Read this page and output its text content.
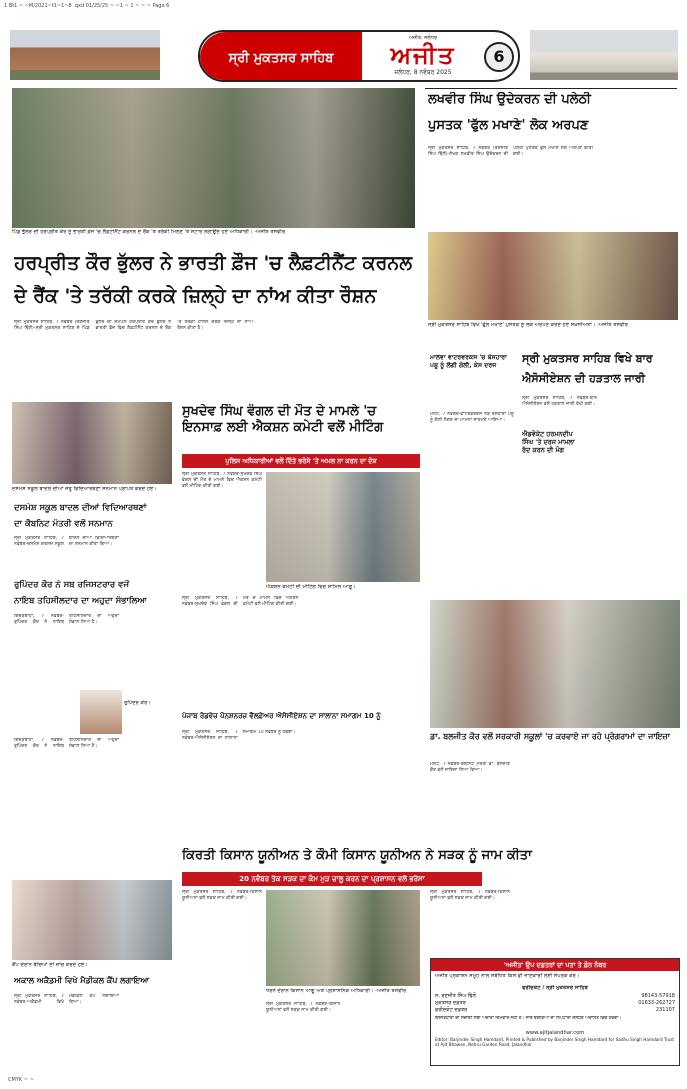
1 Bt1 ~ ~M/2021~t1~1~8 .qxd 01/25/25 ~ ~1 ~ 1 ~ ~ ~ Page 6
ਸ੍ਰੀ ਮੁਕਤਸਰ ਸਾਹਿਬ
ਅਜੀਤ, ਜਲੰਧਰ
ਅਜੀਤ
ਜਲੰਧਰ, 8 ਨਵੰਬਰ 2025
6
ਪਿੰਡ ਭੁੱਲਰ ਦੀ ਹਰਪ੍ਰੀਤ ਕੌਰ ਨੂੰ ਭਾਰਤੀ ਫ਼ੌਜ 'ਚ ਲੈਫ਼ਟੀਨੈਂਟ ਕਰਨਲ ਦੇ ਰੈਂਕ 'ਤੇ ਤਰੱਕੀ ਮਿਲਣ 'ਤੇ ਸਟਾਰ ਲਗਾਉਂਦੇ ਹੋਏ ਅਧਿਕਾਰੀ। -ਅਜੀਤ ਤਸਵੀਰ
ਹਰਪ੍ਰੀਤ ਕੌਰ ਭੁੱਲਰ ਨੇ ਭਾਰਤੀ ਫ਼ੌਜ 'ਚ ਲੈਫ਼ਟੀਨੈਂਟ ਕਰਨਲ
ਦੇ ਰੈਂਕ 'ਤੇ ਤਰੱਕੀ ਕਰਕੇ ਜ਼ਿਲ੍ਹੇ ਦਾ ਨਾਂਅ ਕੀਤਾ ਰੌਸ਼ਨ
ਸ੍ਰੀ ਮੁਕਤਸਰ ਸਾਹਿਬ, 7 ਨਵੰਬਰ (ਰਣਜੀਤ ਸਿੰਘ ਢਿੱਲੋਂ)-ਸ੍ਰੀ ਮੁਕਤਸਰ ਸਾਹਿਬ ਦੇ ਪਿੰਡ ਭੁੱਲਰ ਦੀ ਜੰਮਪਲ ਹਰਪ੍ਰੀਤ ਕੌਰ ਭੁੱਲਰ ਨੇ ਭਾਰਤੀ ਫ਼ੌਜ ਵਿਚ ਲੈਫ਼ਟੀਨੈਂਟ ਕਰਨਲ ਦੇ ਰੈਂਕ 'ਤੇ ਤਰੱਕੀ ਹਾਸਲ ਕਰਕੇ ਜ਼ਿਲ੍ਹੇ ਦਾ ਨਾਂਅ ਰੌਸ਼ਨ ਕੀਤਾ ਹੈ।
ਲਖਵੀਰ ਸਿੰਘ ਉਦੇਕਰਨ ਦੀ ਪਲੇਠੀ
ਪੁਸਤਕ 'ਫੁੱਲ ਮਖਾਣੇ' ਲੋਕ ਅਰਪਣ
ਸ੍ਰੀ ਮੁਕਤਸਰ ਸਾਹਿਬ, 7 ਨਵੰਬਰ (ਰਣਜੀਤ ਸਿੰਘ ਢਿੱਲੋਂ)-ਲੇਖਕ ਲਖਵੀਰ ਸਿੰਘ ਉਦੇਕਰਨ ਦੀ ਪਲੇਠੀ ਪੁਸਤਕ ਫੁੱਲ ਮਖਾਣੇ ਲੋਕ ਅਰਪਣ ਕੀਤੀ ਗਈ।
ਸ੍ਰੀ ਮੁਕਤਸਰ ਸਾਹਿਬ ਵਿਖੇ 'ਫੁੱਲ ਮਖਾਣੇ' ਪੁਸਤਕ ਨੂੰ ਲੋਕ ਅਰਪਣ ਕਰਦੇ ਹੋਏ ਸ਼ਖ਼ਸੀਅਤਾਂ। -ਅਜੀਤ ਤਸਵੀਰ
ਦਸਮੇਸ਼ ਸਕੂਲ ਬਾਦਲ ਦੀਆਂ ਜੇਤੂ ਵਿਦਿਆਰਥਣਾਂ ਸਨਮਾਨ ਪ੍ਰਾਪਤ ਕਰਦੇ ਹੋਏ।
ਦਸਮੇਸ਼ ਸਕੂਲ ਬਾਦਲ ਦੀਆਂ ਵਿਦਿਆਰਥਣਾਂ
ਦਾ ਕੈਬਨਿਟ ਮੰਤਰੀ ਵਲੋਂ ਸਨਮਾਨ
ਸ੍ਰੀ ਮੁਕਤਸਰ ਸਾਹਿਬ, 7 ਨਵੰਬਰ-ਦਸਮੇਸ਼ ਗਰਲਜ਼ ਸਕੂਲ ਬਾਦਲ ਦੀਆਂ ਵਿਦਿਆਰਥਣਾਂ ਦਾ ਸਨਮਾਨ ਕੀਤਾ ਗਿਆ।
ਰੁਪਿੰਦਰ ਕੌਰ ਨੇ ਸਬ ਰਜਿਸਟਰਾਰ ਵਜੋਂ
ਨਾਇਬ ਤਹਿਸੀਲਦਾਰ ਦਾ ਅਹੁਦਾ ਸੰਭਾਲਿਆ
ਗਿੱਦੜਬਾਹਾ, 7 ਨਵੰਬਰ-ਰੁਪਿੰਦਰ ਕੌਰ ਨੇ ਨਾਇਬ ਤਹਿਸੀਲਦਾਰ ਦਾ ਅਹੁਦਾ ਸੰਭਾਲ ਲਿਆ ਹੈ।
ਰੁਪਿੰਦਰ ਕੌਰ।
ਗਿੱਦੜਬਾਹਾ, 7 ਨਵੰਬਰ-ਰੁਪਿੰਦਰ ਕੌਰ ਨੇ ਨਾਇਬ ਤਹਿਸੀਲਦਾਰ ਦਾ ਅਹੁਦਾ ਸੰਭਾਲ ਲਿਆ ਹੈ।
ਕੈਂਪ ਦੌਰਾਨ ਬੱਚਿਆਂ ਦੀ ਜਾਂਚ ਕਰਦੇ ਹੋਏ।
ਅਕਾਲ ਅਕੈਡਮੀ ਵਿਖੇ ਮੈਡੀਕਲ ਕੈਂਪ ਲਗਾਇਆ
ਸ੍ਰੀ ਮੁਕਤਸਰ ਸਾਹਿਬ, 7 ਨਵੰਬਰ-ਅਕੈਡਮੀ ਵਿਖੇ ਮੈਡੀਕਲ ਕੈਂਪ ਲਗਾਇਆ ਗਿਆ।
ਸੁਖਦੇਵ ਸਿੰਘ ਵੰਗਲ ਦੀ ਮੌਤ ਦੇ ਮਾਮਲੇ 'ਚ ਇਨਸਾਫ਼ ਲਈ ਐਕਸ਼ਨ ਕਮੇਟੀ ਵਲੋਂ ਮੀਟਿੰਗ
ਪੁਲਿਸ ਅਧਿਕਾਰੀਆਂ ਵਲੋਂ ਦਿੱਤੇ ਭਰੋਸੇ 'ਤੇ ਅਮਲ ਨਾ ਕਰਨ ਦਾ ਦੋਸ਼
ਸ੍ਰੀ ਮੁਕਤਸਰ ਸਾਹਿਬ, 7 ਨਵੰਬਰ-ਸੁਖਦੇਵ ਸਿੰਘ ਵੰਗਲ ਦੀ ਮੌਤ ਦੇ ਮਾਮਲੇ ਵਿਚ ਐਕਸ਼ਨ ਕਮੇਟੀ ਵਲੋਂ ਮੀਟਿੰਗ ਕੀਤੀ ਗਈ।
ਐਕਸ਼ਨ ਕਮੇਟੀ ਦੀ ਮੀਟਿੰਗ ਵਿਚ ਸ਼ਾਮਿਲ ਆਗੂ।
ਸ੍ਰੀ ਮੁਕਤਸਰ ਸਾਹਿਬ, 7 ਨਵੰਬਰ-ਸੁਖਦੇਵ ਸਿੰਘ ਵੰਗਲ ਦੀ ਮੌਤ ਦੇ ਮਾਮਲੇ ਵਿਚ ਐਕਸ਼ਨ ਕਮੇਟੀ ਵਲੋਂ ਮੀਟਿੰਗ ਕੀਤੀ ਗਈ।
ਮਾਲਵਾ ਵਾਟਰਵਰਕਸ 'ਚ ਬੇਸਹਾਰਾ ਪਸ਼ੂ ਨੂੰ ਲੱਗੀ ਗੋਲੀ, ਕੇਸ ਦਰਜ
ਮਲੋਟ, 7 ਨਵੰਬਰ-ਵਾਟਰਵਰਕਸ ਨੇੜੇ ਬੇਸਹਾਰਾ ਪਸ਼ੂ ਨੂੰ ਗੋਲੀ ਲੱਗਣ ਦਾ ਮਾਮਲਾ ਸਾਹਮਣੇ ਆਇਆ।
ਸ੍ਰੀ ਮੁਕਤਸਰ ਸਾਹਿਬ ਵਿਖੇ ਬਾਰ
ਐਸੋਸੀਏਸ਼ਨ ਦੀ ਹੜਤਾਲ ਜਾਰੀ
ਐਡਵੋਕੇਟ ਹਰਮਨਦੀਪ ਸਿੰਘ 'ਤੇ ਦਰਜ ਮਾਮਲਾ ਰੱਦ ਕਰਨ ਦੀ ਮੰਗ
ਸ੍ਰੀ ਮੁਕਤਸਰ ਸਾਹਿਬ, 7 ਨਵੰਬਰ-ਬਾਰ ਐਸੋਸੀਏਸ਼ਨ ਵਲੋਂ ਹੜਤਾਲ ਜਾਰੀ ਰੱਖੀ ਗਈ।
ਡਾ. ਬਲਜੀਤ ਕੌਰ ਵਲੋਂ ਸਰਕਾਰੀ ਸਕੂਲਾਂ 'ਚ ਕਰਵਾਏ ਜਾ ਰਹੇ ਪ੍ਰੋਗਰਾਮਾਂ ਦਾ ਜਾਇਜ਼ਾ
ਮਲੋਟ, 7 ਨਵੰਬਰ-ਕੈਬਨਿਟ ਮੰਤਰੀ ਡਾ. ਬਲਜੀਤ ਕੌਰ ਵਲੋਂ ਜਾਇਜ਼ਾ ਲਿਆ ਗਿਆ।
ਪੰਜਾਬ ਰੋਡਵੇਜ਼ ਪੈਨਸ਼ਨਰਜ਼ ਵੈਲਫ਼ੇਅਰ ਐਸੋਸੀਏਸ਼ਨ ਦਾ ਸਾਲਾਨਾ ਸਮਾਗਮ 10 ਨੂੰ
ਸ੍ਰੀ ਮੁਕਤਸਰ ਸਾਹਿਬ, 7 ਨਵੰਬਰ-ਐਸੋਸੀਏਸ਼ਨ ਦਾ ਸਾਲਾਨਾ ਸਮਾਗਮ 10 ਨਵੰਬਰ ਨੂੰ ਹੋਵੇਗਾ।
ਕਿਰਤੀ ਕਿਸਾਨ ਯੂਨੀਅਨ ਤੇ ਕੌਮੀ ਕਿਸਾਨ ਯੂਨੀਅਨ ਨੇ ਸੜਕ ਨੂੰ ਜਾਮ ਕੀਤਾ
20 ਨਵੰਬਰ ਤੱਕ ਸੜਕ ਦਾ ਕੰਮ ਮੁੜ ਚਾਲੂ ਕਰਨ ਦਾ ਪ੍ਰਸ਼ਾਸਨ ਵਲੋਂ ਭਰੋਸਾ
ਸ੍ਰੀ ਮੁਕਤਸਰ ਸਾਹਿਬ, 7 ਨਵੰਬਰ-ਕਿਸਾਨ ਯੂਨੀਅਨਾਂ ਵਲੋਂ ਸੜਕ ਜਾਮ ਕੀਤੀ ਗਈ।
ਧਰਨੇ ਦੌਰਾਨ ਕਿਸਾਨ ਆਗੂ ਅਤੇ ਪ੍ਰਸ਼ਾਸਨਿਕ ਅਧਿਕਾਰੀ। -ਅਜੀਤ ਤਸਵੀਰ
ਸ੍ਰੀ ਮੁਕਤਸਰ ਸਾਹਿਬ, 7 ਨਵੰਬਰ-ਕਿਸਾਨ ਯੂਨੀਅਨਾਂ ਵਲੋਂ ਸੜਕ ਜਾਮ ਕੀਤੀ ਗਈ।
ਸ੍ਰੀ ਮੁਕਤਸਰ ਸਾਹਿਬ, 7 ਨਵੰਬਰ-ਕਿਸਾਨ ਯੂਨੀਅਨਾਂ ਵਲੋਂ ਸੜਕ ਜਾਮ ਕੀਤੀ ਗਈ।
'ਅਜੀਤ' ਉਪ ਦਫ਼ਤਰਾਂ ਦਾ ਪਤਾ ਤੇ ਫ਼ੋਨ ਨੰਬਰ
ਅਜੀਤ ਪ੍ਰਕਾਸ਼ਨ ਸਮੂਹ ਨਾਲ ਸਬੰਧਿਤ ਕਿਸੇ ਵੀ ਜਾਣਕਾਰੀ ਲਈ ਸੰਪਰਕ ਕਰੋ।
ਫਰੀਦਕੋਟ / ਸ੍ਰੀ ਮੁਕਤਸਰ ਸਾਹਿਬ
ਸ. ਰਣਜੀਤ ਸਿੰਘ ਢਿੱਲੋਂ	98143-57918
ਮੁਕਤਸਰ ਦਫ਼ਤਰ	01633-262727
ਫਰੀਦਕੋਟ ਦਫ਼ਤਰ	231107
ਇਸ਼ਤਿਹਾਰਾਂ ਦੀ ਸਚਾਈ ਲਈ ਅਦਾਰਾ ਜ਼ਿੰਮੇਵਾਰ ਨਹੀਂ ਹੈ। ਸਾਰੇ ਝਗੜਿਆਂ ਦਾ ਨਿਪਟਾਰਾ ਜਲੰਧਰ ਅਦਾਲਤ ਵਿਚ ਹੋਵੇਗਾ।
www.ajitjalandhar.com
Editor: Barjinder Singh Hamdard. Printed & Published by Barjinder Singh Hamdard for Sadhu Singh Hamdard Trust at Ajit Bhawan, Nehru Garden Road, Jalandhar.
CMYK ~ ~
